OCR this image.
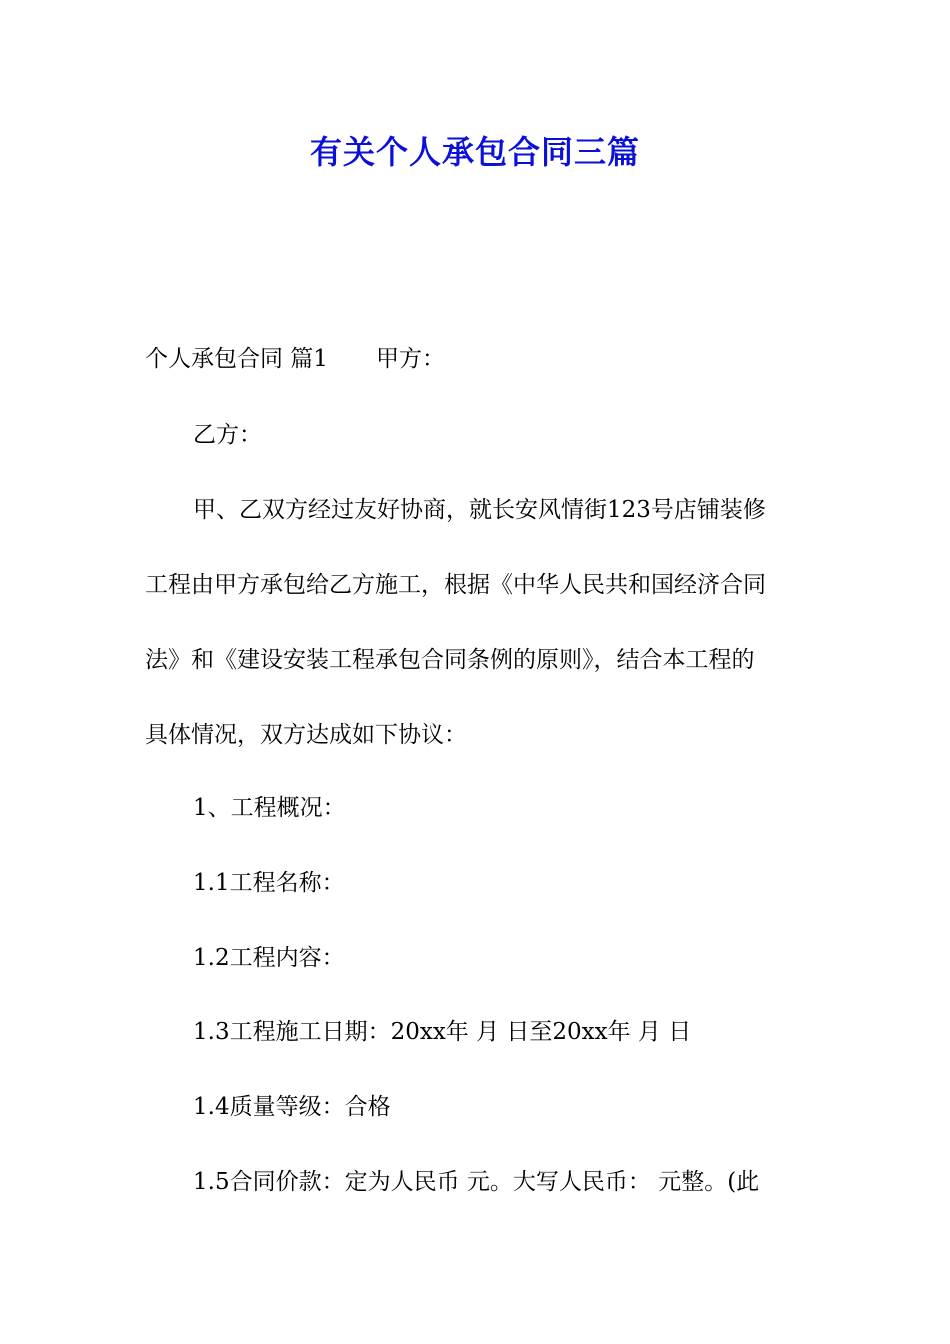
有关个人承包合同三篇
个人承包合同 篇1 甲方：
乙方：
甲、乙双方经过友好协商，就长安风情街123号店铺装修
工程由甲方承包给乙方施工，根据《中华人民共和国经济合同
法》和《建设安装工程承包合同条例的原则》，结合本工程的
具体情况，双方达成如下协议：
1、工程概况：
1.1工程名称：
1.2工程内容：
1.3工程施工日期：20xx年 月 日至20xx年 月 日
1.4质量等级：合格
1.5合同价款：定为人民币 元。大写人民币： 元整。(此
